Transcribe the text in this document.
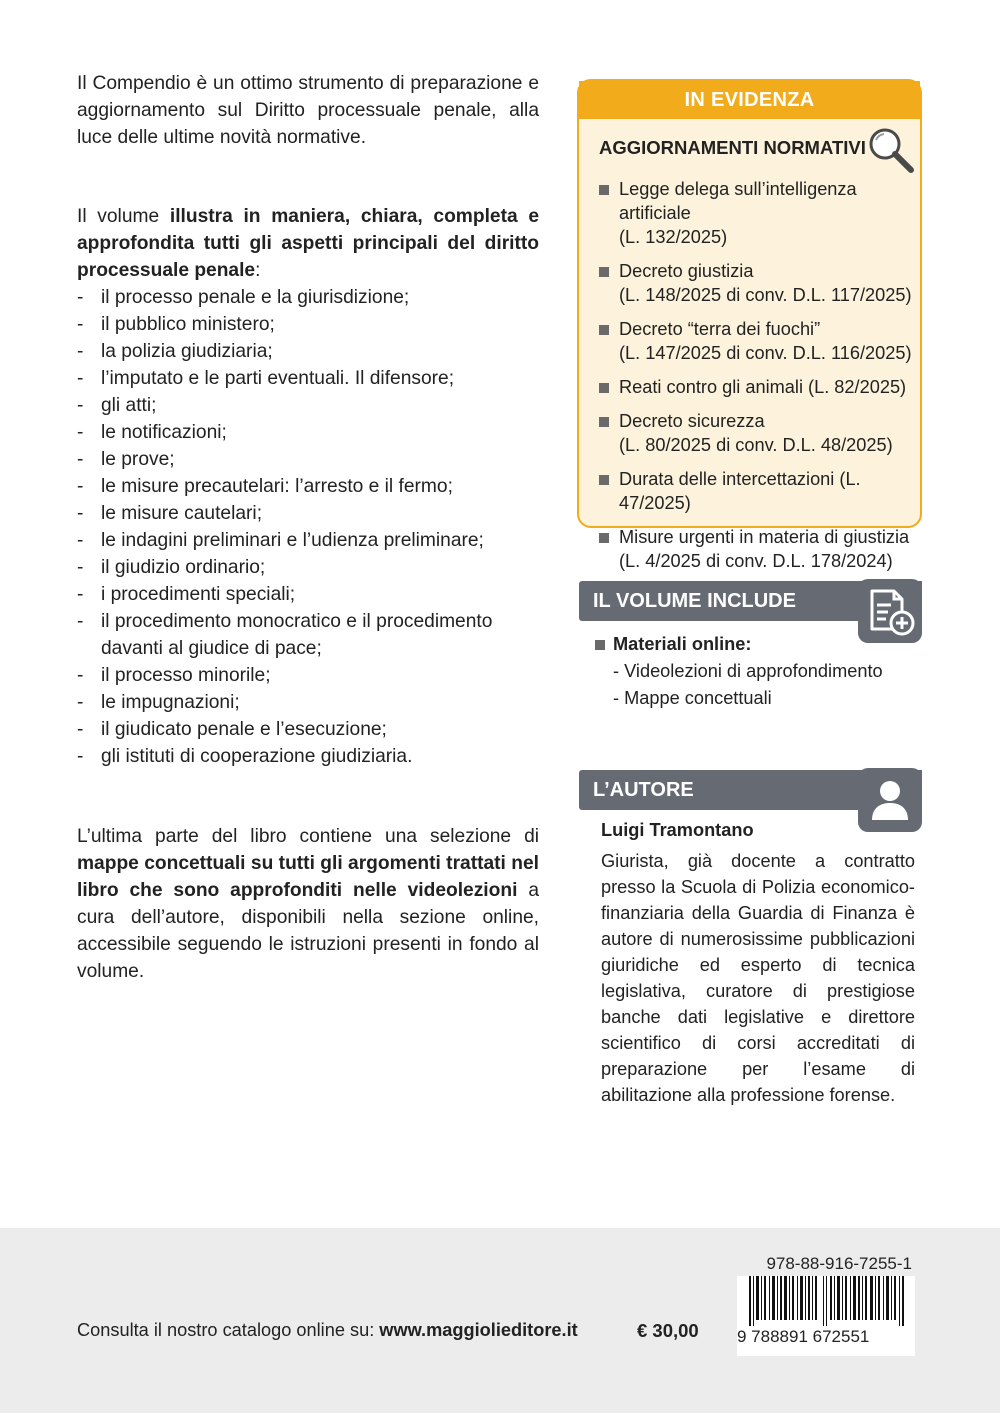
Il Compendio è un ottimo strumento di preparazione e aggiornamento sul Diritto processuale penale, alla luce delle ultime novità normative.

Il volume illustra in maniera, chiara, completa e approfondita tutti gli aspetti principali del diritto processuale penale:

- il processo penale e la giurisdizione;
- il pubblico ministero;
- la polizia giudiziaria;
- l’imputato e le parti eventuali. Il difensore;
- gli atti;
- le notificazioni;
- le prove;
- le misure precautelari: l’arresto e il fermo;
- le misure cautelari;
- le indagini preliminari e l’udienza preliminare;
- il giudizio ordinario;
- i procedimenti speciali;
- il procedimento monocratico e il procedimento davanti al giudice di pace;
- il processo minorile;
- le impugnazioni;
- il giudicato penale e l’esecuzione;
- gli istituti di cooperazione giudiziaria.

L’ultima parte del libro contiene una selezione di mappe concettuali su tutti gli argomenti trattati nel libro che sono approfonditi nelle videolezioni a cura dell’autore, disponibili nella sezione online, accessibile seguendo le istruzioni presenti in fondo al volume.

IN EVIDENZA
AGGIORNAMENTI NORMATIVI
Legge delega sull’intelligenza artificiale
(L. 132/2025)
Decreto giustizia
(L. 148/2025 di conv. D.L. 117/2025)
Decreto “terra dei fuochi”
(L. 147/2025 di conv. D.L. 116/2025)
Reati contro gli animali (L. 82/2025)
Decreto sicurezza
(L. 80/2025 di conv. D.L. 48/2025)
Durata delle intercettazioni (L. 47/2025)
Misure urgenti in materia di giustizia
(L. 4/2025 di conv. D.L. 178/2024)
IL VOLUME INCLUDE
Materiali online:
- Videolezioni di approfondimento
- Mappe concettuali
L’AUTORE
Luigi Tramontano
Giurista, già docente a contratto presso la Scuola di Polizia economico-finanziaria della Guardia di Finanza è autore di numerosissime pubblicazioni giuridiche ed esperto di tecnica legislativa, curatore di prestigiose banche dati legislative e direttore scientifico di corsi accreditati di preparazione per l’esame di abilitazione alla professione forense.
Consulta il nostro catalogo online su: www.maggiolieditore.it	€ 30,00
978-88-916-7255-1
9 788891 672551
